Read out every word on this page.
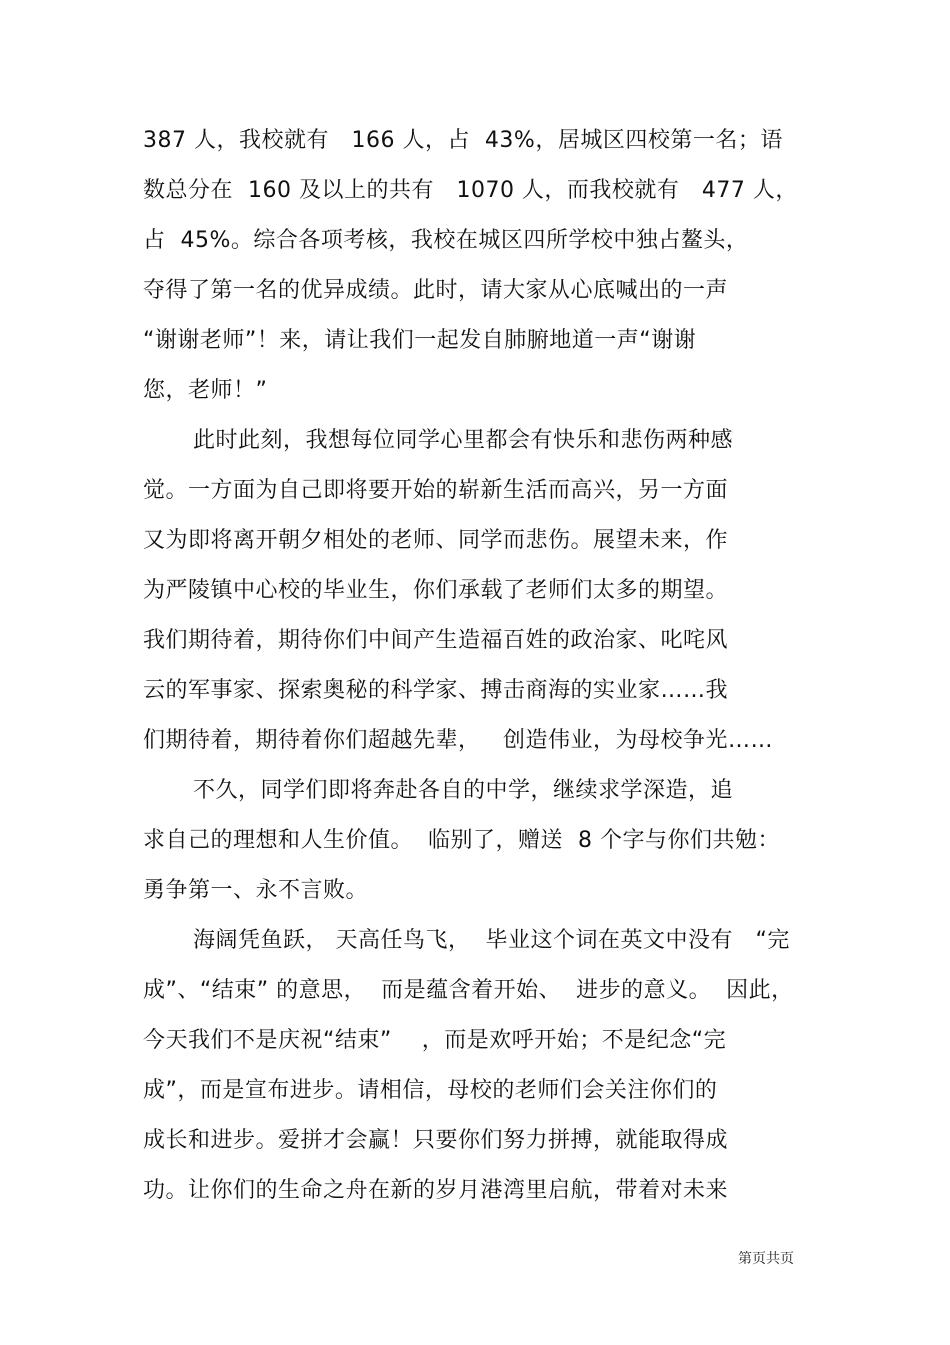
387 人，我校就有   166 人，占  43%，居城区四校第一名；语
数总分在  160 及以上的共有   1070 人，而我校就有   477 人，
占  45%。综合各项考核，我校在城区四所学校中独占鳌头，
夺得了第一名的优异成绩。此时，请大家从心底喊出的一声
“谢谢老师”！来，请让我们一起发自肺腑地道一声“谢谢
您，老师！”
此时此刻，我想每位同学心里都会有快乐和悲伤两种感
觉。一方面为自己即将要开始的崭新生活而高兴，另一方面
又为即将离开朝夕相处的老师、同学而悲伤。展望未来，作
为严陵镇中心校的毕业生，你们承载了老师们太多的期望。
我们期待着，期待你们中间产生造福百姓的政治家、叱咤风
云的军事家、探索奥秘的科学家、搏击商海的实业家……我
们期待着，期待着你们超越先辈，   创造伟业，为母校争光……
不久，同学们即将奔赴各自的中学，继续求学深造，追
求自己的理想和人生价值。  临别了，赠送  8 个字与你们共勉：
勇争第一、永不言败。
海阔凭鱼跃， 天高任鸟飞，  毕业这个词在英文中没有   “完
成”、“结束” 的意思，  而是蕴含着开始、  进步的意义。  因此，
今天我们不是庆祝“结束”    ，而是欢呼开始；不是纪念“完
成”，而是宣布进步。请相信，母校的老师们会关注你们的
成长和进步。爱拼才会赢！只要你们努力拼搏，就能取得成
功。让你们的生命之舟在新的岁月港湾里启航，带着对未来
第页共页
